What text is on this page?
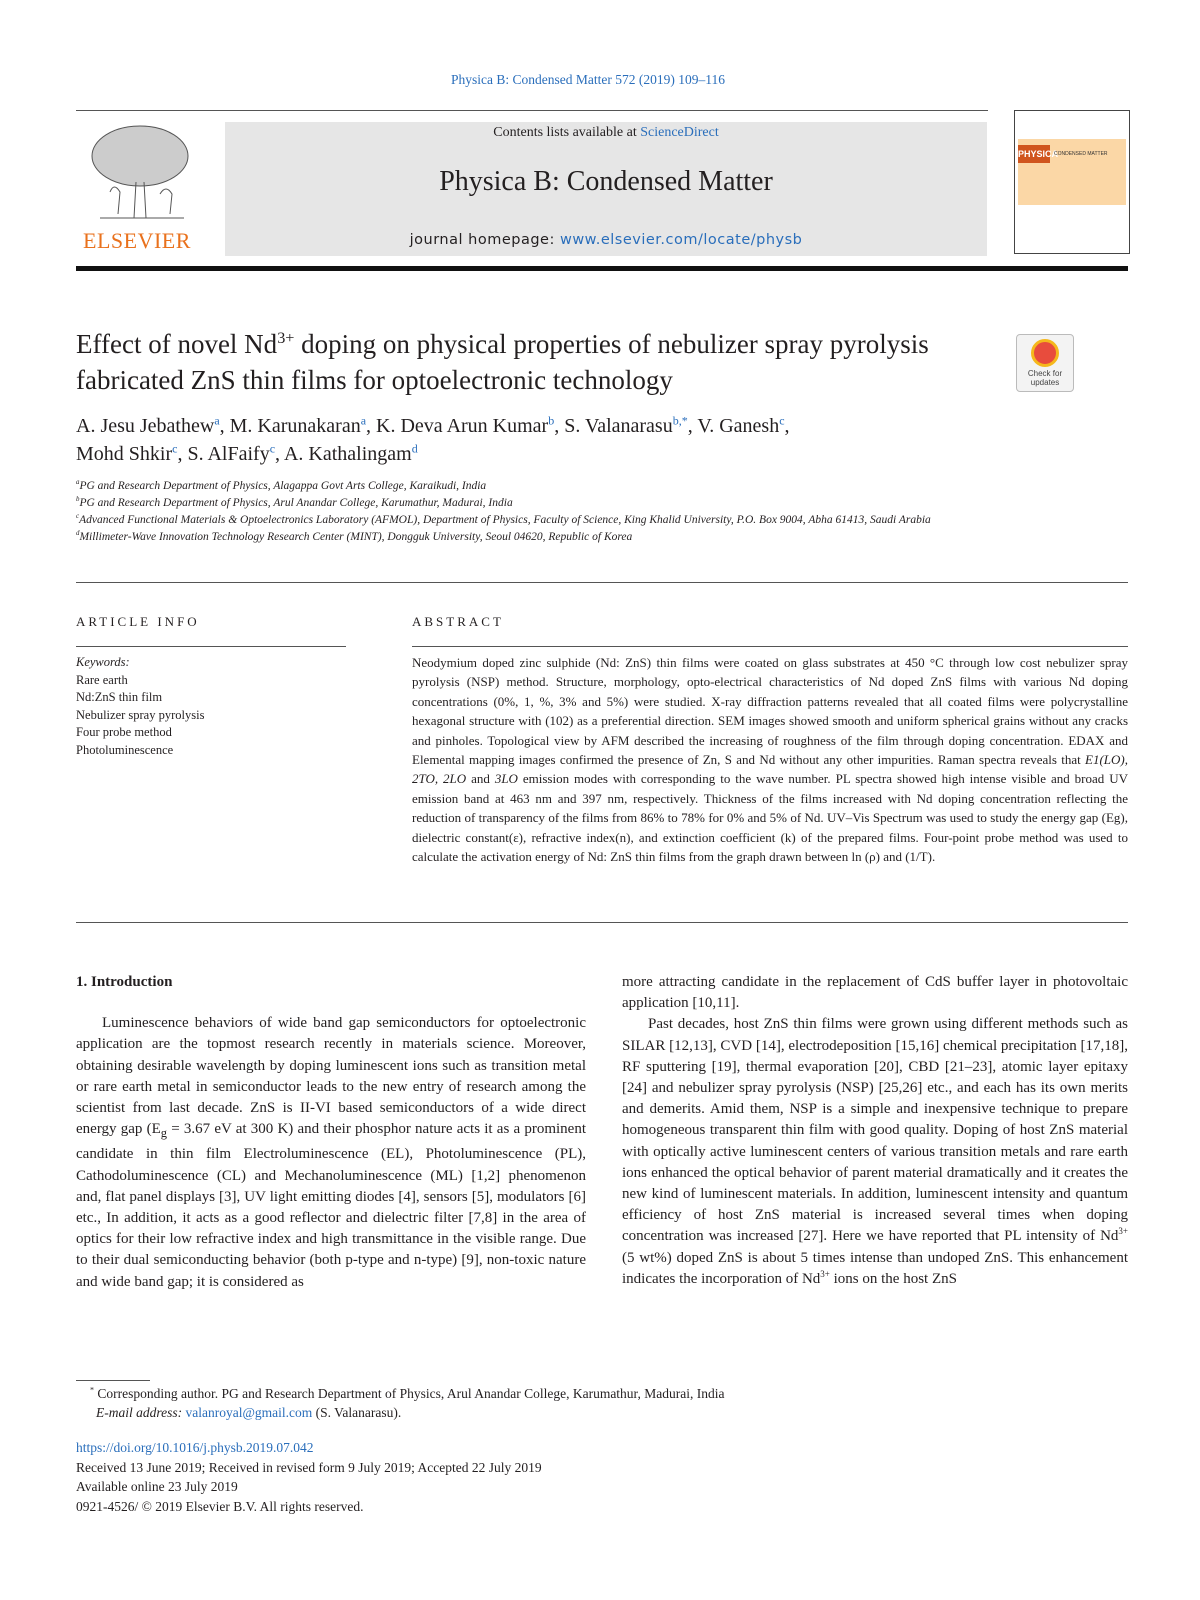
Physica B: Condensed Matter 572 (2019) 109–116
ELSEVIER
Contents lists available at ScienceDirect
Physica B: Condensed Matter
journal homepage: www.elsevier.com/locate/physb
PHYSICA
CONDENSED MATTER
Effect of novel $Nd^{3+}$ doping on physical properties of nebulizer spray pyrolysis fabricated ZnS thin films for optoelectronic technology	Check for updates
A. Jesu Jebathew$^a$, M. Karunakaran$^a$, K. Deva Arun Kumar$^b$, S. Valanarasu$^{b,*}$, V. Ganesh$^c$,
Mohd Shkir$^c$, S. AlFaify$^c$, A. Kathalingam$^d$
$^a$PG and Research Department of Physics, Alagappa Govt Arts College, Karaikudi, India
$^b$PG and Research Department of Physics, Arul Anandar College, Karumathur, Madurai, India
$^c$Advanced Functional Materials & Optoelectronics Laboratory (AFMOL), Department of Physics, Faculty of Science, King Khalid University, P.O. Box 9004, Abha 61413, Saudi Arabia
$^d$Millimeter-Wave Innovation Technology Research Center (MINT), Dongguk University, Seoul 04620, Republic of Korea
ARTICLE INFO
Keywords:
Rare earth
Nd:ZnS thin film
Nebulizer spray pyrolysis
Four probe method
Photoluminescence
ABSTRACT
Neodymium doped zinc sulphide (Nd: ZnS) thin films were coated on glass substrates at 450 °C through low cost nebulizer spray pyrolysis (NSP) method. Structure, morphology, opto-electrical characteristics of Nd doped ZnS films with various Nd doping concentrations (0%, 1, %, 3% and 5%) were studied. X-ray diffraction patterns revealed that all coated films were polycrystalline hexagonal structure with (102) as a preferential direction. SEM images showed smooth and uniform spherical grains without any cracks and pinholes. Topological view by AFM described the increasing of roughness of the film through doping concentration. EDAX and Elemental mapping images confirmed the presence of Zn, S and Nd without any other impurities. Raman spectra reveals that E1(LO), 2TO, 2LO and 3LO emission modes with corresponding to the wave number. PL spectra showed high intense visible and broad UV emission band at 463 nm and 397 nm, respectively. Thickness of the films increased with Nd doping concentration reflecting the reduction of transparency of the films from 86% to 78% for 0% and 5% of Nd. UV–Vis Spectrum was used to study the energy gap (Eg), dielectric constant(ε), refractive index(n), and extinction coefficient (k) of the prepared films. Four-point probe method was used to calculate the activation energy of Nd: ZnS thin films from the graph drawn between ln (ρ) and (1/T).
1. Introduction

Luminescence behaviors of wide band gap semiconductors for optoelectronic application are the topmost research recently in materials science. Moreover, obtaining desirable wavelength by doping luminescent ions such as transition metal or rare earth metal in semiconductor leads to the new entry of research among the scientist from last decade. ZnS is II-VI based semiconductors of a wide direct energy gap ($E_g = 3.67$ eV at 300 K) and their phosphor nature acts it as a prominent candidate in thin film Electroluminescence (EL), Photoluminescence (PL), Cathodoluminescence (CL) and Mechanoluminescence (ML) [1,2] phenomenon and, flat panel displays [3], UV light emitting diodes [4], sensors [5], modulators [6] etc., In addition, it acts as a good reflector and dielectric filter [7,8] in the area of optics for their low refractive index and high transmittance in the visible range. Due to their dual semiconducting behavior (both p-type and n-type) [9], non-toxic nature and wide band gap; it is considered as

more attracting candidate in the replacement of CdS buffer layer in photovoltaic application [10,11].

Past decades, host ZnS thin films were grown using different methods such as SILAR [12,13], CVD [14], electrodeposition [15,16] chemical precipitation [17,18], RF sputtering [19], thermal evaporation [20], CBD [21–23], atomic layer epitaxy [24] and nebulizer spray pyrolysis (NSP) [25,26] etc., and each has its own merits and demerits. Amid them, NSP is a simple and inexpensive technique to prepare homogeneous transparent thin film with good quality. Doping of host ZnS material with optically active luminescent centers of various transition metals and rare earth ions enhanced the optical behavior of parent material dramatically and it creates the new kind of luminescent materials. In addition, luminescent intensity and quantum efficiency of host ZnS material is increased several times when doping concentration was increased [27]. Here we have reported that PL intensity of $Nd^{3+}$ (5 wt%) doped ZnS is about 5 times intense than undoped ZnS. This enhancement indicates the incorporation of $Nd^{3+}$ ions on the host ZnS

* Corresponding author. PG and Research Department of Physics, Arul Anandar College, Karumathur, Madurai, India
E-mail address: valanroyal@gmail.com (S. Valanarasu).
https://doi.org/10.1016/j.physb.2019.07.042
Received 13 June 2019; Received in revised form 9 July 2019; Accepted 22 July 2019
Available online 23 July 2019
0921-4526/ © 2019 Elsevier B.V. All rights reserved.
